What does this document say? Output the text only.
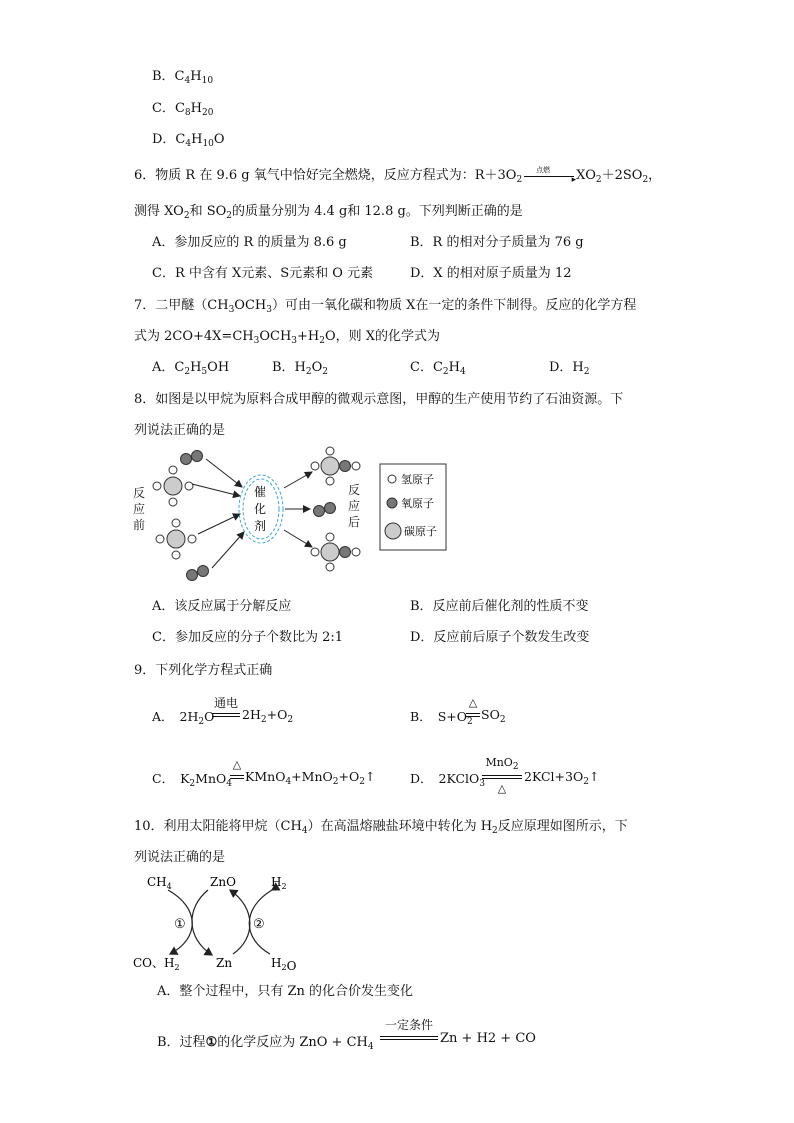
B．$C_4H_{10}$
C．$C_8H_{20}$
D．$C_4H_{10}O$
6．物质 R 在 9.6 g 氧气中恰好完全燃烧，反应方程式为：$R+3O_2$
点燃
▸ $XO_2+2SO_2$，
测得 $XO_2$和 $SO_2$的质量分别为 4.4 g和 12.8 g。下列判断正确的是
A．参加反应的 R 的质量为 8.6 g	B．R 的相对分子质量为 76 g
C．R 中含有 X元素、S元素和 O 元素	D．X 的相对原子质量为 12
7．二甲醚$(CH_3OCH_3)$可由一氧化碳和物质 X在一定的条件下制得。反应的化学方程
式为 $2CO+4X=CH_3OCH_3+H_2O$，则 X的化学式为
A．$C_2H_5OH$	B．$H_2O_2$	C．$C_2H_4$	D．$H_2$
8．如图是以甲烷为原料合成甲醇的微观示意图，甲醇的生产使用节约了石油资源。下
列说法正确的是
反
应
前
催
化
剂
反
应
后
氢原子
氧原子
碳原子
A．该反应属于分解反应	B．反应前后催化剂的性质不变
C．参加反应的分子个数比为 2:1	D．反应前后原子个数发生改变
9．下列化学方程式正确
A． $2H_2O$
通电
$2H_2+O_2$	B． $S+O_2$
△
$SO_2$
C． $K_2MnO_4$
△
$KMnO_4+MnO_2+O_2↑$	D． 2KClO$_3$
MnO$_2$
△
$2KCl+3O_2↑$
10．利用太阳能将甲烷$(CH_4)$在高温熔融盐环境中转化为 $H_2$反应原理如图所示，下
列说法正确的是
$CH_4$	ZnO	$H_2$
CO、$H_2$	Zn	$H_2O$
①	②
A．整个过程中，只有 Zn 的化合价发生变化
B．过程①的化学反应为 ZnO + $CH_4$
一定条件
Zn + H2 + CO
